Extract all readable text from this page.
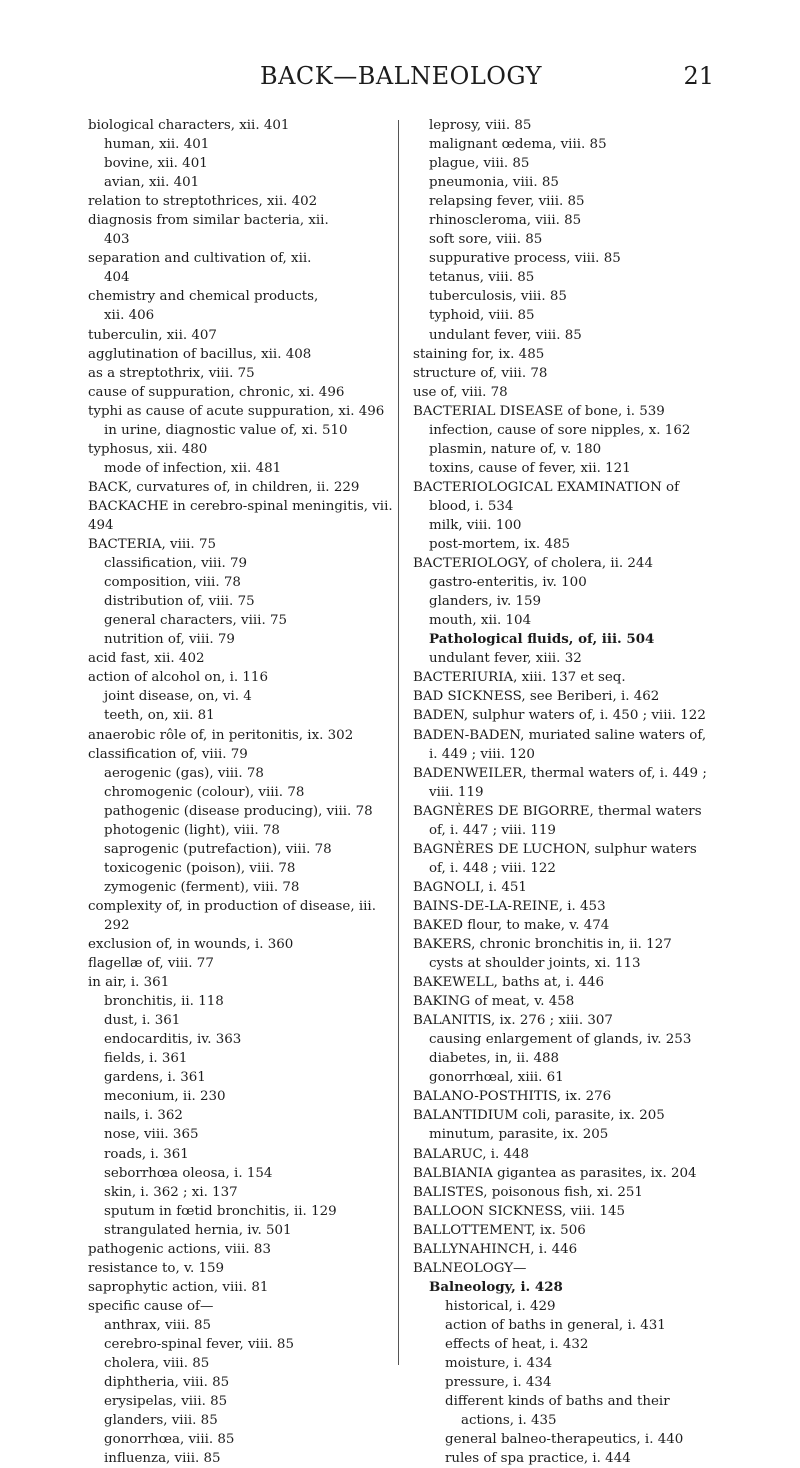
BACK—BALNEOLOGY	21
biological characters, xii. 401
human, xii. 401
bovine, xii. 401
avian, xii. 401
relation to streptothrices, xii. 402
diagnosis from similar bacteria, xii.
403
separation and cultivation of, xii.
404
chemistry and chemical products,
xii. 406
tuberculin, xii. 407
agglutination of bacillus, xii. 408
as a streptothrix, viii. 75
cause of suppuration, chronic, xi. 496
typhi as cause of acute suppuration, xi. 496
in urine, diagnostic value of, xi. 510
typhosus, xii. 480
mode of infection, xii. 481
BACK, curvatures of, in children, ii. 229
BACKACHE in cerebro-spinal meningitis, vii.
494
BACTERIA, viii. 75
classification, viii. 79
composition, viii. 78
distribution of, viii. 75
general characters, viii. 75
nutrition of, viii. 79
acid fast, xii. 402
action of alcohol on, i. 116
joint disease, on, vi. 4
teeth, on, xii. 81
anaerobic rôle of, in peritonitis, ix. 302
classification of, viii. 79
aerogenic (gas), viii. 78
chromogenic (colour), viii. 78
pathogenic (disease producing), viii. 78
photogenic (light), viii. 78
saprogenic (putrefaction), viii. 78
toxicogenic (poison), viii. 78
zymogenic (ferment), viii. 78
complexity of, in production of disease, iii.
292
exclusion of, in wounds, i. 360
flagellæ of, viii. 77
in air, i. 361
bronchitis, ii. 118
dust, i. 361
endocarditis, iv. 363
fields, i. 361
gardens, i. 361
meconium, ii. 230
nails, i. 362
nose, viii. 365
roads, i. 361
seborrhœa oleosa, i. 154
skin, i. 362 ; xi. 137
sputum in fœtid bronchitis, ii. 129
strangulated hernia, iv. 501
pathogenic actions, viii. 83
resistance to, v. 159
saprophytic action, viii. 81
specific cause of—
anthrax, viii. 85
cerebro-spinal fever, viii. 85
cholera, viii. 85
diphtheria, viii. 85
erysipelas, viii. 85
glanders, viii. 85
gonorrhœa, viii. 85
influenza, viii. 85
leprosy, viii. 85
malignant œdema, viii. 85
plague, viii. 85
pneumonia, viii. 85
relapsing fever, viii. 85
rhinoscleroma, viii. 85
soft sore, viii. 85
suppurative process, viii. 85
tetanus, viii. 85
tuberculosis, viii. 85
typhoid, viii. 85
undulant fever, viii. 85
staining for, ix. 485
structure of, viii. 78
use of, viii. 78
BACTERIAL DISEASE of bone, i. 539
infection, cause of sore nipples, x. 162
plasmin, nature of, v. 180
toxins, cause of fever, xii. 121
BACTERIOLOGICAL EXAMINATION of
blood, i. 534
milk, viii. 100
post-mortem, ix. 485
BACTERIOLOGY, of cholera, ii. 244
gastro-enteritis, iv. 100
glanders, iv. 159
mouth, xii. 104
Pathological fluids, of, iii. 504
undulant fever, xiii. 32
BACTERIURIA, xiii. 137 et seq.
BAD SICKNESS, see Beriberi, i. 462
BADEN, sulphur waters of, i. 450 ; viii. 122
BADEN-BADEN, muriated saline waters of,
i. 449 ; viii. 120
BADENWEILER, thermal waters of, i. 449 ;
viii. 119
BAGNÈRES DE BIGORRE, thermal waters
of, i. 447 ; viii. 119
BAGNÈRES DE LUCHON, sulphur waters
of, i. 448 ; viii. 122
BAGNOLI, i. 451
BAINS-DE-LA-REINE, i. 453
BAKED flour, to make, v. 474
BAKERS, chronic bronchitis in, ii. 127
cysts at shoulder joints, xi. 113
BAKEWELL, baths at, i. 446
BAKING of meat, v. 458
BALANITIS, ix. 276 ; xiii. 307
causing enlargement of glands, iv. 253
diabetes, in, ii. 488
gonorrhœal, xiii. 61
BALANO-POSTHITIS, ix. 276
BALANTIDIUM coli, parasite, ix. 205
minutum, parasite, ix. 205
BALARUC, i. 448
BALBIANIA gigantea as parasites, ix. 204
BALISTES, poisonous fish, xi. 251
BALLOON SICKNESS, viii. 145
BALLOTTEMENT, ix. 506
BALLYNAHINCH, i. 446
BALNEOLOGY—
Balneology, i. 428
historical, i. 429
action of baths in general, i. 431
effects of heat, i. 432
moisture, i. 434
pressure, i. 434
different kinds of baths and their
actions, i. 435
general balneo-therapeutics, i. 440
rules of spa practice, i. 444
